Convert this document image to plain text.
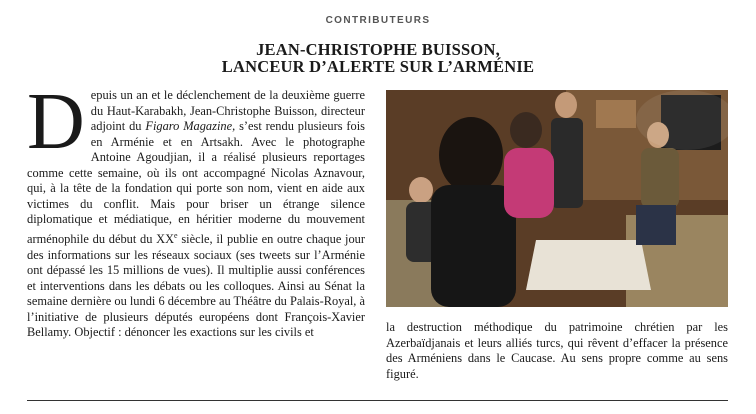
CONTRIBUTEURS
JEAN-CHRISTOPHE BUISSON,
LANCEUR D’ALERTE SUR L’ARMÉNIE

Depuis un an et le déclenchement de la deuxième guerre du Haut-Karabakh, Jean-Christophe Buisson, directeur adjoint du Figaro Magazine, s’est rendu plusieurs fois en Arménie et en Artsakh. Avec le photographe Antoine Agoudjian, il a réalisé plusieurs reportages comme cette semaine, où ils ont accompagné Nicolas Aznavour, qui, à la tête de la fondation qui porte son nom, vient en aide aux victimes du conflit. Mais pour briser un étrange silence diplomatique et médiatique, en héritier moderne du mouvement arménophile du début du XXe siècle, il publie en outre chaque jour des informations sur les réseaux sociaux (ses tweets sur l’Arménie ont dépassé les 15 millions de vues). Il multiplie aussi conférences et interventions dans les débats ou les colloques. Ainsi au Sénat la semaine dernière ou lundi 6 décembre au Théâtre du Palais-Royal, à l’initiative de plusieurs députés européens dont François-Xavier Bellamy. Objectif : dénoncer les exactions sur les civils et	la destruction méthodique du patrimoine chrétien par les Azerbaïdjanais et leurs alliés turcs, qui rêvent d’effacer la présence des Arméniens dans le Caucase. Au sens propre comme au sens figuré.
